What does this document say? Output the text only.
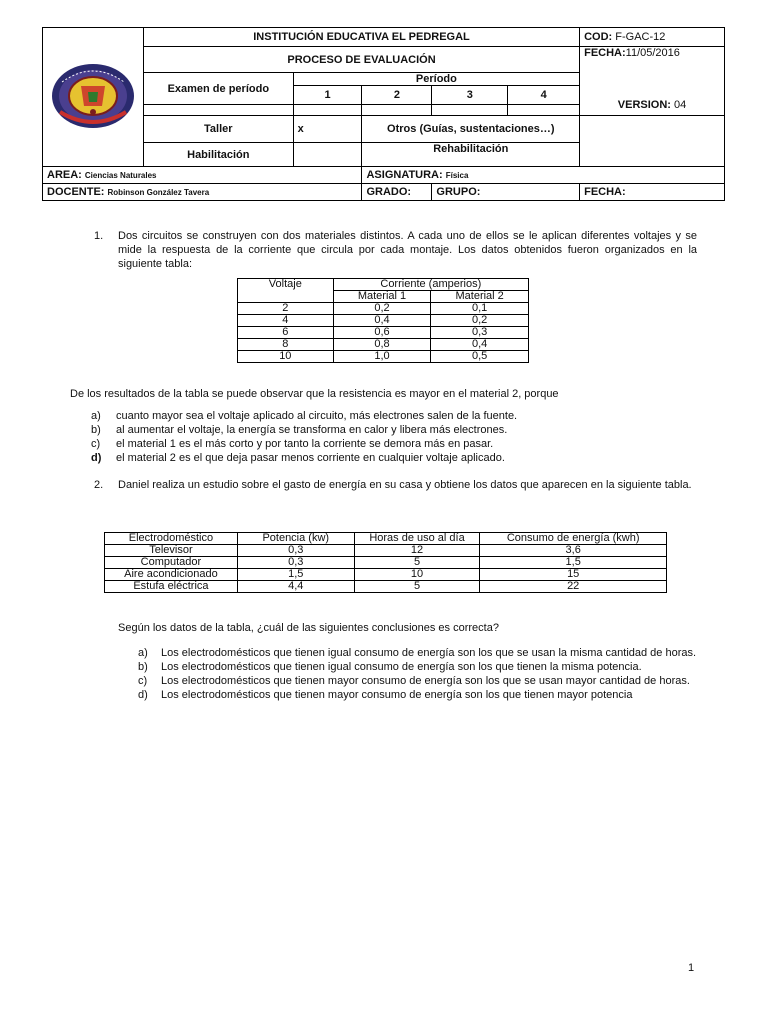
	INSTITUCIÓN EDUCATIVA EL PEDREGAL					COD: F-GAC-12
	PROCESO DE EVALUACIÓN					FECHA:11/05/2016
VERSION: 04

	Examen de período	Período				
		1	2	3	4	

	Taller	x	Otros (Guías, sustentaciones…)			
	Habilitación		Rehabilitación			
AREA: Ciencias Naturales			ASIGNATURA: Física			
DOCENTE: Robinson González Tavera			GRADO:	GRUPO:		FECHA:
1. Dos circuitos se construyen con dos materiales distintos. A cada uno de ellos se le aplican diferentes voltajes y se mide la respuesta de la corriente que circula por cada montaje. Los datos obtenidos fueron organizados en la siguiente tabla:
Voltaje	Corriente (amperios)	
	Material 1	Material 2
2	0,2	0,1
4	0,4	0,2
6	0,6	0,3
8	0,8	0,4
10	1,0	0,5
De los resultados de la tabla se puede observar que la resistencia es mayor en el material 2, porque
a) cuanto mayor sea el voltaje aplicado al circuito, más electrones salen de la fuente.
b) al aumentar el voltaje, la energía se transforma en calor y libera más electrones.
c) el material 1 es el más corto y por tanto la corriente se demora más en pasar.
d) el material 2 es el que deja pasar menos corriente en cualquier voltaje aplicado.
2. Daniel realiza un estudio sobre el gasto de energía en su casa y obtiene los datos que aparecen en la siguiente tabla.
Electrodoméstico	Potencia (kw)	Horas de uso al día	Consumo de energía (kwh)
Televisor	0,3	12	3,6
Computador	0,3	5	1,5
Aire acondicionado	1,5	10	15
Estufa eléctrica	4,4	5	22
Según los datos de la tabla, ¿cuál de las siguientes conclusiones es correcta?
a) Los electrodomésticos que tienen igual consumo de energía son los que se usan la misma cantidad de horas.
b) Los electrodomésticos que tienen igual consumo de energía son los que tienen la misma potencia.
c) Los electrodomésticos que tienen mayor consumo de energía son los que se usan mayor cantidad de horas.
d) Los electrodomésticos que tienen mayor consumo de energía son los que tienen mayor potencia
1
